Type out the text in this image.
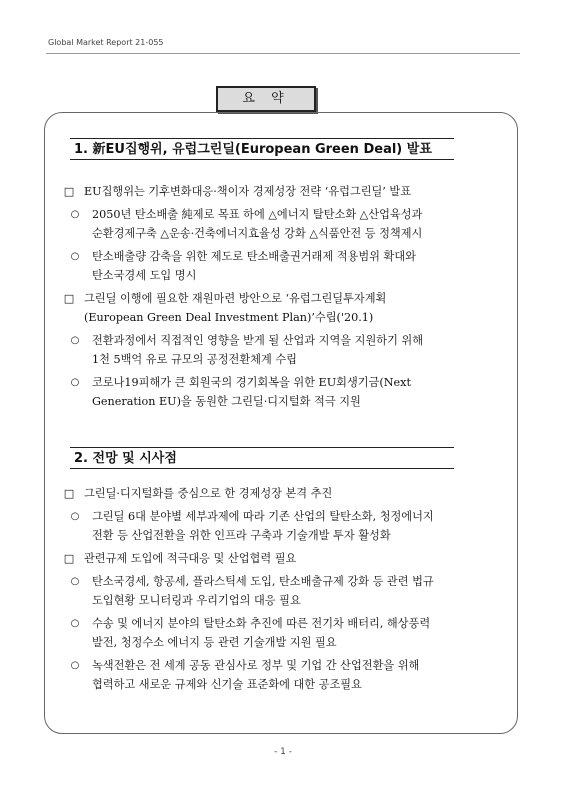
Global Market Report 21-055
요 약
1. 新EU집행위, 유럽그린딜(European Green Deal) 발표
□ EU집행위는 기후변화대응·책이자 경제성장 전략 ‘유럽그린딜’ 발표
○	2050년 탄소배출 純제로 목표 하에 △에너지 탈탄소화 △산업육성과
순환경제구축 △운송·건축에너지효율성 강화 △식품안전 등 정책제시
○	탄소배출량 감축을 위한 제도로 탄소배출권거래제 적용범위 확대와
탄소국경세 도입 명시
□ 그린딜 이행에 필요한 재원마련 방안으로 ‘유럽그린딜투자계획
(European Green Deal Investment Plan)’수립('20.1)
○	전환과정에서 직접적인 영향을 받게 될 산업과 지역을 지원하기 위해
1천 5백억 유로 규모의 공정전환체계 수립
○	코로나19피해가 큰 회원국의 경기회복을 위한 EU회생기금(Next
Generation EU)을 동원한 그린딜·디지털화 적극 지원
2. 전망 및 시사점
□ 그린딜·디지털화를 중심으로 한 경제성장 본격 추진
○	그린딜 6대 분야별 세부과제에 따라 기존 산업의 탈탄소화, 청정에너지
전환 등 산업전환을 위한 인프라 구축과 기술개발 투자 활성화
□ 관련규제 도입에 적극대응 및 산업협력 필요
○	탄소국경세, 항공세, 플라스틱세 도입, 탄소배출규제 강화 등 관련 법규
도입현황 모니터링과 우리기업의 대응 필요
○	수송 및 에너지 분야의 탈탄소화 추진에 따른 전기차 배터리, 해상풍력
발전, 청정수소 에너지 등 관련 기술개발 지원 필요
○	녹색전환은 전 세계 공동 관심사로 정부 및 기업 간 산업전환을 위해
협력하고 새로운 규제와 신기술 표준화에 대한 공조필요
- 1 -
